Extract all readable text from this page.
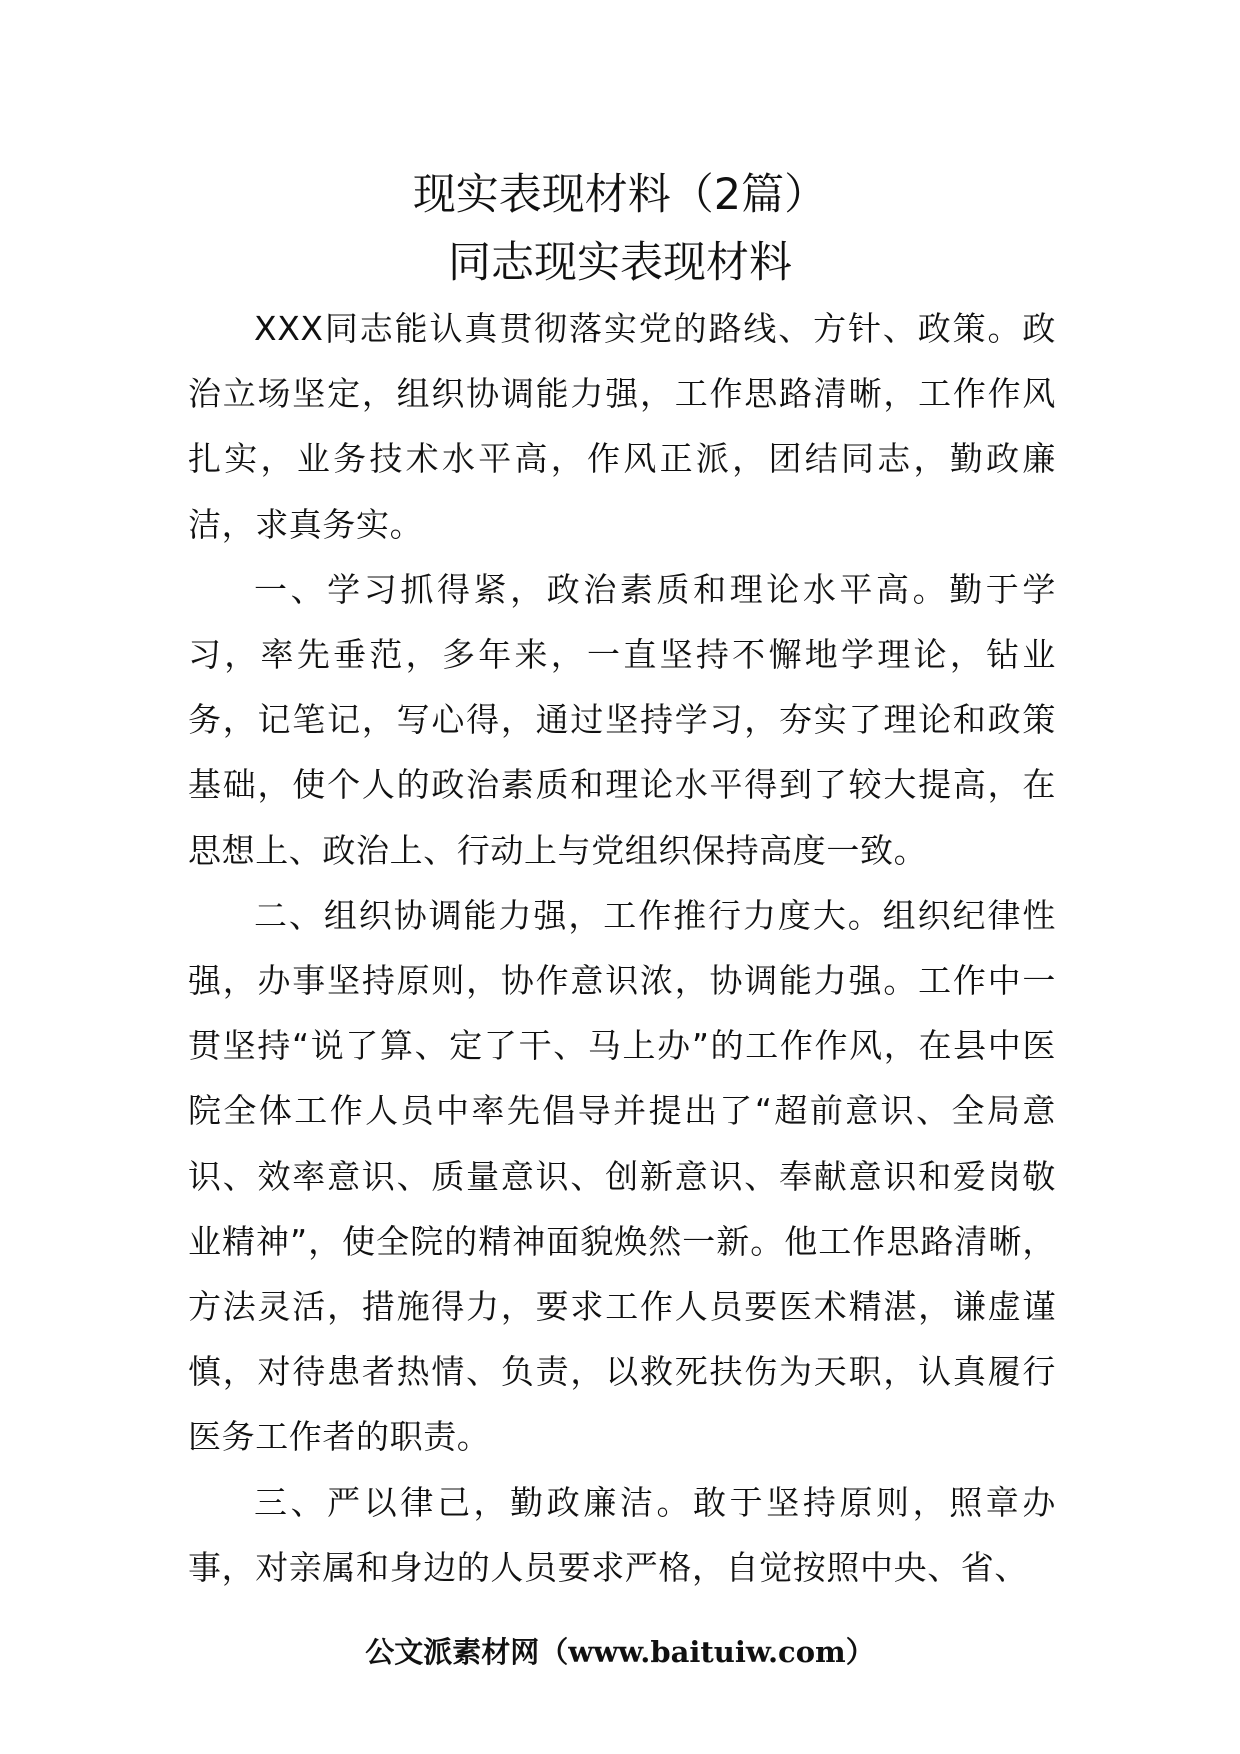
现实表现材料（2篇）
同志现实表现材料

XXX同志能认真贯彻落实党的路线、方针、政策。政治立场坚定，组织协调能力强，工作思路清晰，工作作风扎实，业务技术水平高，作风正派，团结同志，勤政廉洁，求真务实。

一、学习抓得紧，政治素质和理论水平高。勤于学习，率先垂范，多年来，一直坚持不懈地学理论，钻业务，记笔记，写心得，通过坚持学习，夯实了理论和政策基础，使个人的政治素质和理论水平得到了较大提高，在思想上、政治上、行动上与党组织保持高度一致。

二、组织协调能力强，工作推行力度大。组织纪律性强，办事坚持原则，协作意识浓，协调能力强。工作中一贯坚持“说了算、定了干、马上办”的工作作风，在县中医院全体工作人员中率先倡导并提出了“超前意识、全局意识、效率意识、质量意识、创新意识、奉献意识和爱岗敬业精神”，使全院的精神面貌焕然一新。他工作思路清晰，方法灵活，措施得力，要求工作人员要医术精湛，谦虚谨慎，对待患者热情、负责，以救死扶伤为天职，认真履行医务工作者的职责。

三、严以律己，勤政廉洁。敢于坚持原则，照章办事，对亲属和身边的人员要求严格，自觉按照中央、省、

公文派素材网（www.baituiw.com）
